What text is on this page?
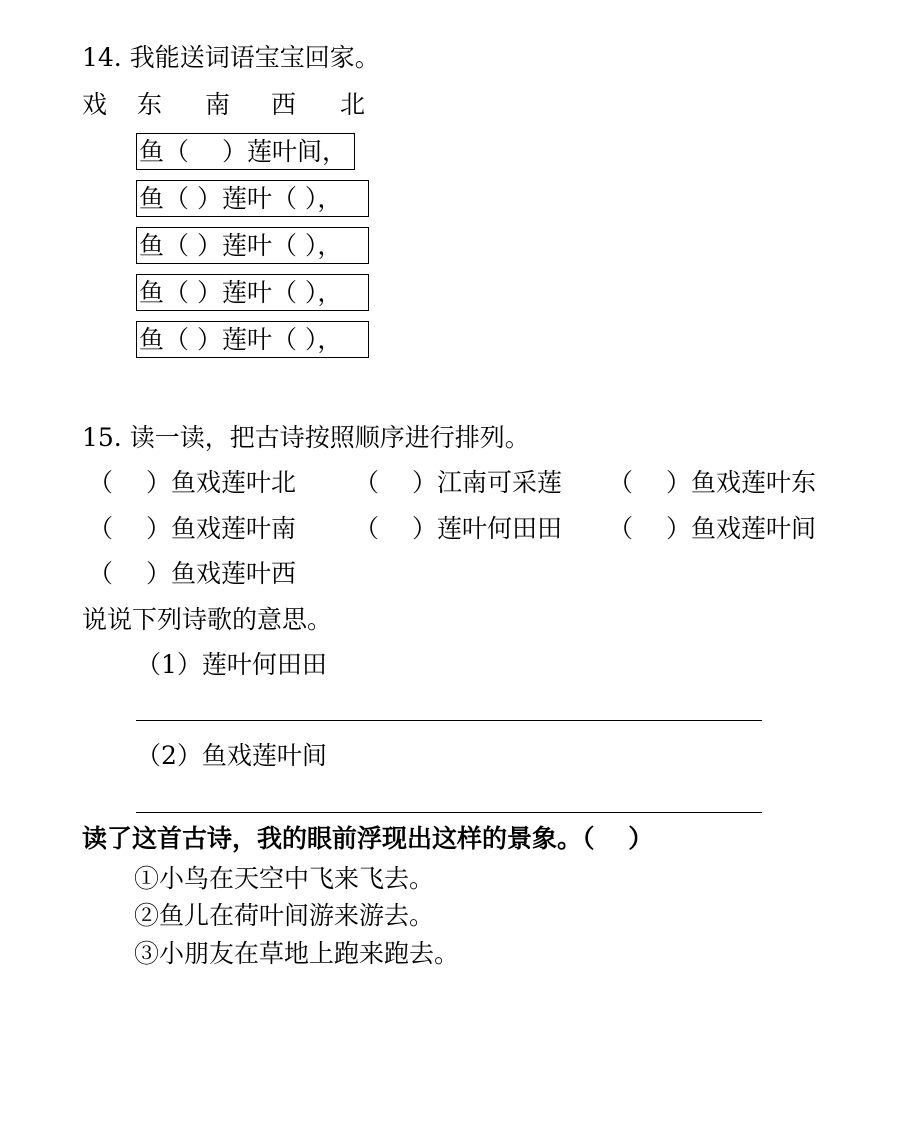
14. 我能送词语宝宝回家。
戏 东 南 西 北
鱼（　 ）莲叶间，
鱼（ ）莲叶（ ），
鱼（ ）莲叶（ ），
鱼（ ）莲叶（ ），
鱼（ ）莲叶（ ），
15. 读一读，把古诗按照顺序进行排列。
（　 ）鱼戏莲叶北 （　 ）江南可采莲 （　 ）鱼戏莲叶东
（　 ）鱼戏莲叶南 （　 ）莲叶何田田 （　 ）鱼戏莲叶间
（　 ）鱼戏莲叶西
说说下列诗歌的意思。
（1）莲叶何田田
（2）鱼戏莲叶间
读了这首古诗，我的眼前浮现出这样的景象。（　 ）
①小鸟在天空中飞来飞去。
②鱼儿在荷叶间游来游去。
③小朋友在草地上跑来跑去。
